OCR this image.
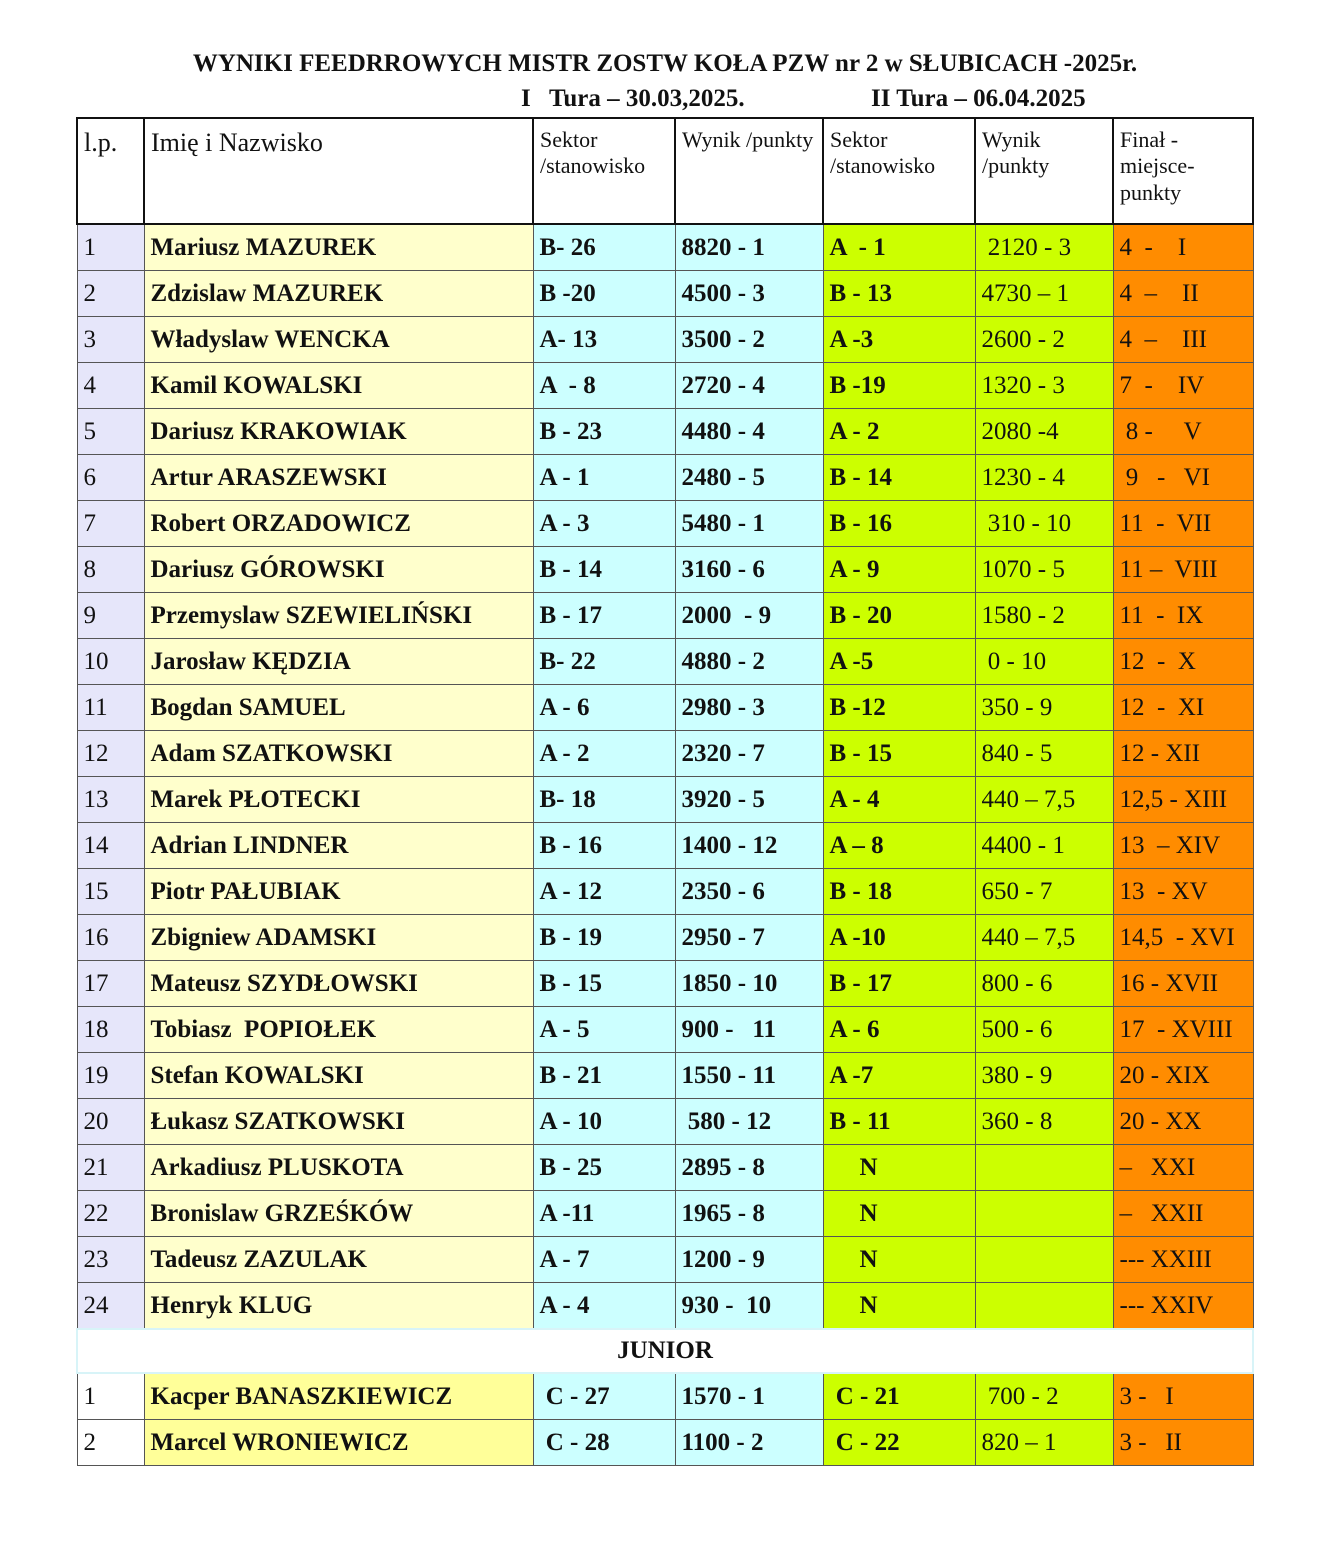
WYNIKI FEEDRROWYCH MISTR ZOSTW KOŁA PZW nr 2 w SŁUBICACH -2025r.
I   Tura – 30.03,2025.	II Tura – 06.04.2025
l.p.	Imię i Nazwisko	Sektor /stanowisko	Wynik /punkty	Sektor /stanowisko	Wynik /punkty	Finał - miejsce-punkty
1	Mariusz MAZUREK	B- 26	8820 - 1	A  - 1	2120 - 3	4  -    I
2	Zdzislaw MAZUREK	B -20	4500 - 3	B - 13	4730 – 1	4  –    II
3	Władyslaw WENCKA	A- 13	3500 - 2	A -3	2600 - 2	4  –    III
4	Kamil KOWALSKI	A  - 8	2720 - 4	B -19	1320 - 3	7  -    IV
5	Dariusz KRAKOWIAK	B - 23	4480 - 4	A - 2	2080 -4	8 -     V
6	Artur ARASZEWSKI	A - 1	2480 - 5	B - 14	1230 - 4	9   -   VI
7	Robert ORZADOWICZ	A - 3	5480 - 1	B - 16	310 - 10	11  -  VII
8	Dariusz GÓROWSKI	B - 14	3160 - 6	A - 9	1070 - 5	11 –  VIII
9	Przemyslaw SZEWIELIŃSKI	B - 17	2000  - 9	B - 20	1580 - 2	11  -  IX
10	Jarosław KĘDZIA	B- 22	4880 - 2	A -5	0 - 10	12  -  X
11	Bogdan SAMUEL	A - 6	2980 - 3	B -12	350 - 9	12  -  XI
12	Adam SZATKOWSKI	A - 2	2320 - 7	B - 15	840 - 5	12 - XII
13	Marek PŁOTECKI	B- 18	3920 - 5	A - 4	440 – 7,5	12,5 - XIII
14	Adrian LINDNER	B - 16	1400 - 12	A – 8	4400 - 1	13  – XIV
15	Piotr PAŁUBIAK	A - 12	2350 - 6	B - 18	650 - 7	13  - XV
16	Zbigniew ADAMSKI	B - 19	2950 - 7	A -10	440 – 7,5	14,5  - XVI
17	Mateusz SZYDŁOWSKI	B - 15	1850 - 10	B - 17	800 - 6	16 - XVII
18	Tobiasz  POPIOŁEK	A - 5	900 -   11	A - 6	500 - 6	17  - XVIII
19	Stefan KOWALSKI	B - 21	1550 - 11	A -7	380 - 9	20 - XIX
20	Łukasz SZATKOWSKI	A - 10	580 - 12	B - 11	360 - 8	20 - XX
21	Arkadiusz PLUSKOTA	B - 25	2895 - 8	N		–   XXI
22	Bronislaw GRZEŚKÓW	A -11	1965 - 8	N		–   XXII
23	Tadeusz ZAZULAK	A - 7	1200 - 9	N		--- XXIII
24	Henryk KLUG	A - 4	930 -  10	N		--- XXIV
JUNIOR						
1	Kacper BANASZKIEWICZ	C - 27	1570 - 1	C - 21	700 - 2	3 -   I
2	Marcel WRONIEWICZ	C - 28	1100 - 2	C - 22	820 – 1	3 -   II
